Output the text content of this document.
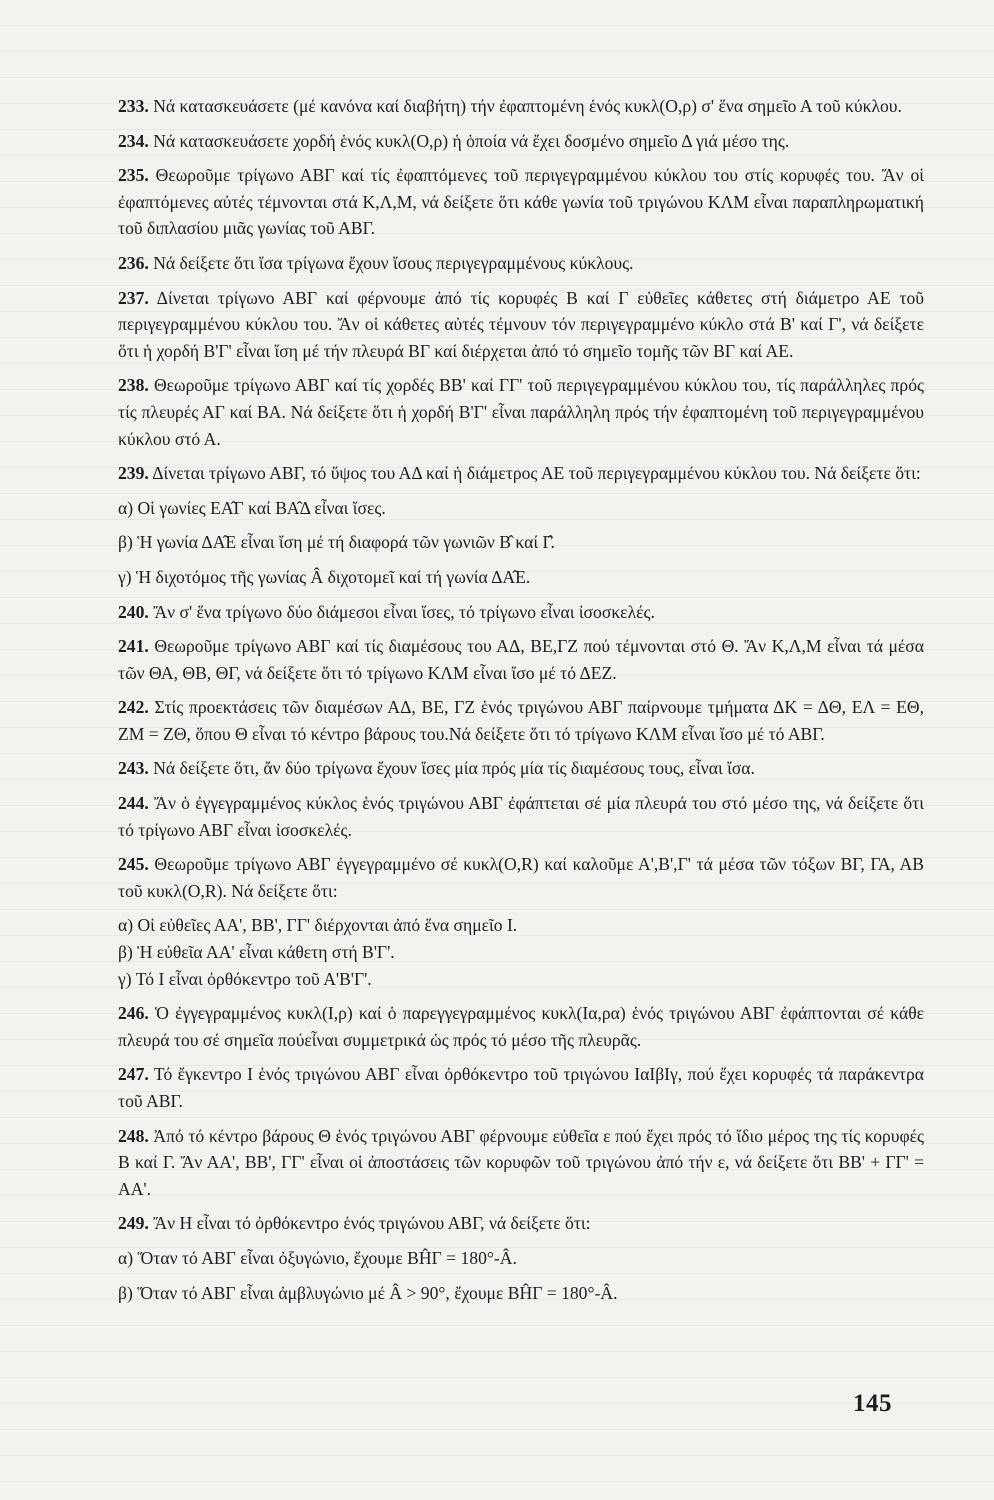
233. Νά κατασκευάσετε (μέ κανόνα καί διαβήτη) τήν ἐφαπτομένη ἑνός κυκλ(Ο,ρ) σ' ἕνα σημεῖο Α τοῦ κύκλου.

234. Νά κατασκευάσετε χορδή ἑνός κυκλ(Ο,ρ) ἡ ὁποία νά ἔχει δοσμένο σημεῖο Δ γιά μέσο της.

235. Θεωροῦμε τρίγωνο ΑΒΓ καί τίς ἐφαπτόμενες τοῦ περιγεγραμμένου κύκλου του στίς κορυφές του. Ἄν οἱ ἐφαπτόμενες αὐτές τέμνονται στά Κ,Λ,Μ, νά δείξετε ὅτι κάθε γωνία τοῦ τριγώνου ΚΛΜ εἶναι παραπληρωματική τοῦ διπλασίου μιᾶς γωνίας τοῦ ΑΒΓ.

236. Νά δείξετε ὅτι ἴσα τρίγωνα ἔχουν ἴσους περιγεγραμμένους κύκλους.

237. Δίνεται τρίγωνο ΑΒΓ καί φέρνουμε ἀπό τίς κορυφές Β καί Γ εὐθεῖες κάθετες στή διάμετρο ΑΕ τοῦ περιγεγραμμένου κύκλου του. Ἄν οἱ κάθετες αὐτές τέμνουν τόν περιγεγραμμένο κύκλο στά Β' καί Γ', νά δείξετε ὅτι ἡ χορδή Β'Γ' εἶναι ἴση μέ τήν πλευρά ΒΓ καί διέρχεται ἀπό τό σημεῖο τομῆς τῶν ΒΓ καί ΑΕ.

238. Θεωροῦμε τρίγωνο ΑΒΓ καί τίς χορδές ΒΒ' καί ΓΓ' τοῦ περιγεγραμμένου κύκλου του, τίς παράλληλες πρός τίς πλευρές ΑΓ καί ΒΑ. Νά δείξετε ὅτι ἡ χορδή Β'Γ' εἶναι παράλληλη πρός τήν ἐφαπτομένη τοῦ περιγεγραμμένου κύκλου στό Α.

239. Δίνεται τρίγωνο ΑΒΓ, τό ὕψος του ΑΔ καί ἡ διάμετρος ΑΕ τοῦ περιγεγραμμένου κύκλου του. Νά δείξετε ὅτι:

α) Οἱ γωνίες ΕΑ̂Γ καί ΒΑ̂Δ εἶναι ἴσες.

β) Ἡ γωνία ΔΑ̂Ε εἶναι ἴση μέ τή διαφορά τῶν γωνιῶν Β̂ καί Γ̂.

γ) Ἡ διχοτόμος τῆς γωνίας Â διχοτομεῖ καί τή γωνία ΔΑ̂Ε.

240. Ἄν σ' ἕνα τρίγωνο δύο διάμεσοι εἶναι ἴσες, τό τρίγωνο εἶναι ἰσοσκελές.

241. Θεωροῦμε τρίγωνο ΑΒΓ καί τίς διαμέσους του ΑΔ, ΒΕ,ΓΖ πού τέμνονται στό Θ. Ἄν Κ,Λ,Μ εἶναι τά μέσα τῶν ΘΑ, ΘΒ, ΘΓ, νά δείξετε ὅτι τό τρίγωνο ΚΛΜ εἶναι ἴσο μέ τό ΔΕΖ.

242. Στίς προεκτάσεις τῶν διαμέσων ΑΔ, ΒΕ, ΓΖ ἑνός τριγώνου ΑΒΓ παίρνουμε τμήματα ΔΚ = ΔΘ, ΕΛ = ΕΘ, ΖΜ = ΖΘ, ὅπου Θ εἶναι τό κέντρο βάρους του.Νά δείξετε ὅτι τό τρίγωνο ΚΛΜ εἶναι ἴσο μέ τό ΑΒΓ.

243. Νά δείξετε ὅτι, ἄν δύο τρίγωνα ἔχουν ἴσες μία πρός μία τίς διαμέσους τους, εἶναι ἴσα.

244. Ἄν ὁ ἐγγεγραμμένος κύκλος ἑνός τριγώνου ΑΒΓ ἐφάπτεται σέ μία πλευρά του στό μέσο της, νά δείξετε ὅτι τό τρίγωνο ΑΒΓ εἶναι ἰσοσκελές.

245. Θεωροῦμε τρίγωνο ΑΒΓ ἐγγεγραμμένο σέ κυκλ(Ο,R) καί καλοῦμε Α',Β',Γ' τά μέσα τῶν τόξων ΒΓ, ΓΑ, ΑΒ τοῦ κυκλ(Ο,R). Νά δείξετε ὅτι:

α) Οἱ εὐθεῖες ΑΑ', ΒΒ', ΓΓ' διέρχονται ἀπό ἕνα σημεῖο Ι.

β) Ἡ εὐθεῖα ΑΑ' εἶναι κάθετη στή Β'Γ'.

γ) Τό Ι εἶναι ὀρθόκεντρο τοῦ Α'Β'Γ'.

246. Ὁ ἐγγεγραμμένος κυκλ(Ι,ρ) καί ὁ παρεγγεγραμμένος κυκλ(Ια,ρα) ἑνός τριγώνου ΑΒΓ ἐφάπτονται σέ κάθε πλευρά του σέ σημεῖα πούεἶναι συμμετρικά ὡς πρός τό μέσο τῆς πλευρᾶς.

247. Τό ἔγκεντρο Ι ἑνός τριγώνου ΑΒΓ εἶναι ὀρθόκεντρο τοῦ τριγώνου ΙαΙβΙγ, πού ἔχει κορυφές τά παράκεντρα τοῦ ΑΒΓ.

248. Ἀπό τό κέντρο βάρους Θ ἑνός τριγώνου ΑΒΓ φέρνουμε εὐθεῖα ε πού ἔχει πρός τό ἴδιο μέρος της τίς κορυφές Β καί Γ. Ἄν ΑΑ', ΒΒ', ΓΓ' εἶναι οἱ ἀποστάσεις τῶν κορυφῶν τοῦ τριγώνου ἀπό τήν ε, νά δείξετε ὅτι ΒΒ' + ΓΓ' = ΑΑ'.

249. Ἄν Η εἶναι τό ὀρθόκεντρο ἑνός τριγώνου ΑΒΓ, νά δείξετε ὅτι:

α) Ὅταν τό ΑΒΓ εἶναι ὀξυγώνιο, ἔχουμε ΒĤΓ = 180°-Â.

β) Ὅταν τό ΑΒΓ εἶναι ἀμβλυγώνιο μέ Â > 90°, ἔχουμε ΒĤΓ = 180°-Â.

145
